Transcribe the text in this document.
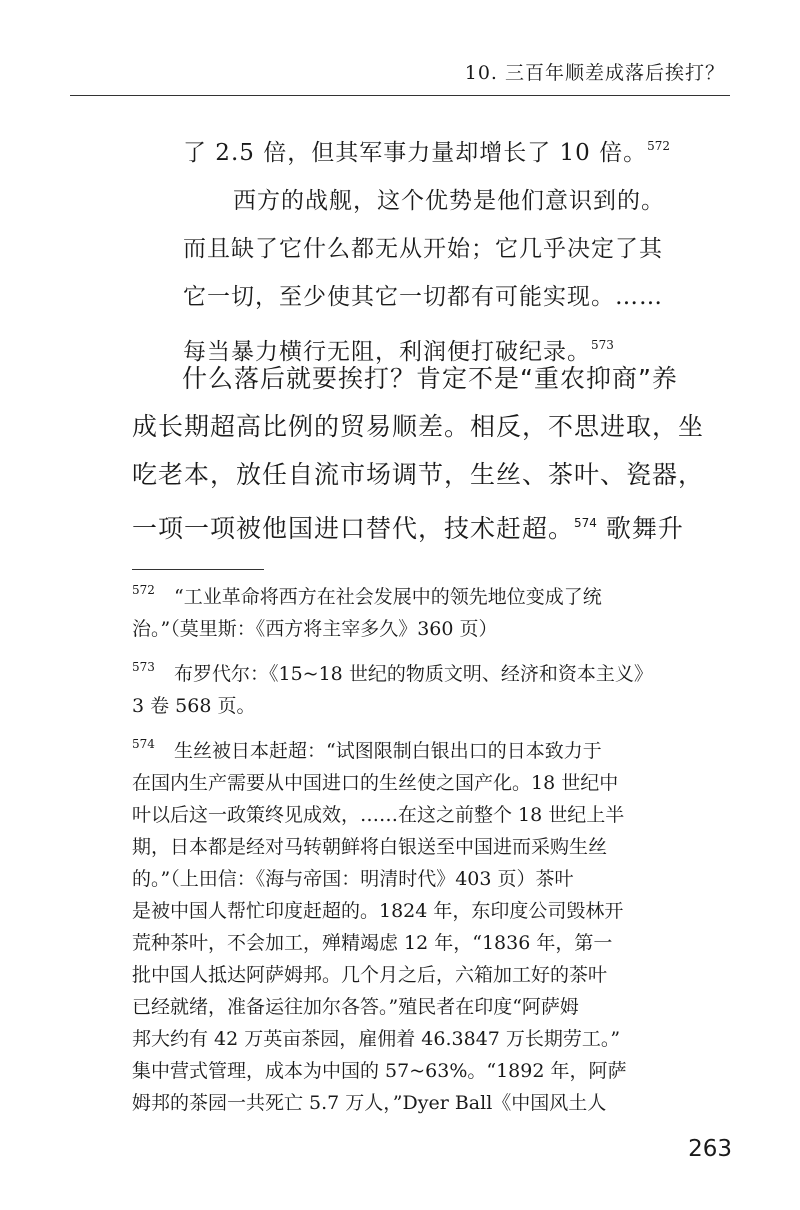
10. 三百年顺差成落后挨打？

了 2.5 倍，但其军事力量却增长了 10 倍。$^{572}$

西方的战舰，这个优势是他们意识到的。

而且缺了它什么都无从开始；它几乎决定了其

它一切，至少使其它一切都有可能实现。……

每当暴力横行无阻，利润便打破纪录。$^{573}$

什么落后就要挨打？肯定不是“重农抑商”养

成长期超高比例的贸易顺差。相反，不思进取，坐

吃老本，放任自流市场调节，生丝、茶叶、瓷器，

一项一项被他国进口替代，技术赶超。$^{574}$ 歌舞升

572 “工业革命将西方在社会发展中的领先地位变成了统
治。”（莫里斯：《西方将主宰多久》360 页）
573 布罗代尔：《15~18 世纪的物质文明、经济和资本主义》
3 卷 568 页。
574 生丝被日本赶超：“试图限制白银出口的日本致力于
在国内生产需要从中国进口的生丝使之国产化。18 世纪中
叶以后这一政策终见成效，……在这之前整个 18 世纪上半
期，日本都是经对马转朝鲜将白银送至中国进而采购生丝
的。”（上田信：《海与帝国：明清时代》403 页）茶叶
是被中国人帮忙印度赶超的。1824 年，东印度公司毁林开
荒种茶叶，不会加工，殚精竭虑 12 年，“1836 年，第一
批中国人抵达阿萨姆邦。几个月之后，六箱加工好的茶叶
已经就绪，准备运往加尔各答。”殖民者在印度“阿萨姆
邦大约有 42 万英亩茶园，雇佣着 46.3847 万长期劳工。”
集中营式管理，成本为中国的 57~63%。“1892 年，阿萨
姆邦的茶园一共死亡 5.7 万人，”Dyer Ball《中国风土人
263
